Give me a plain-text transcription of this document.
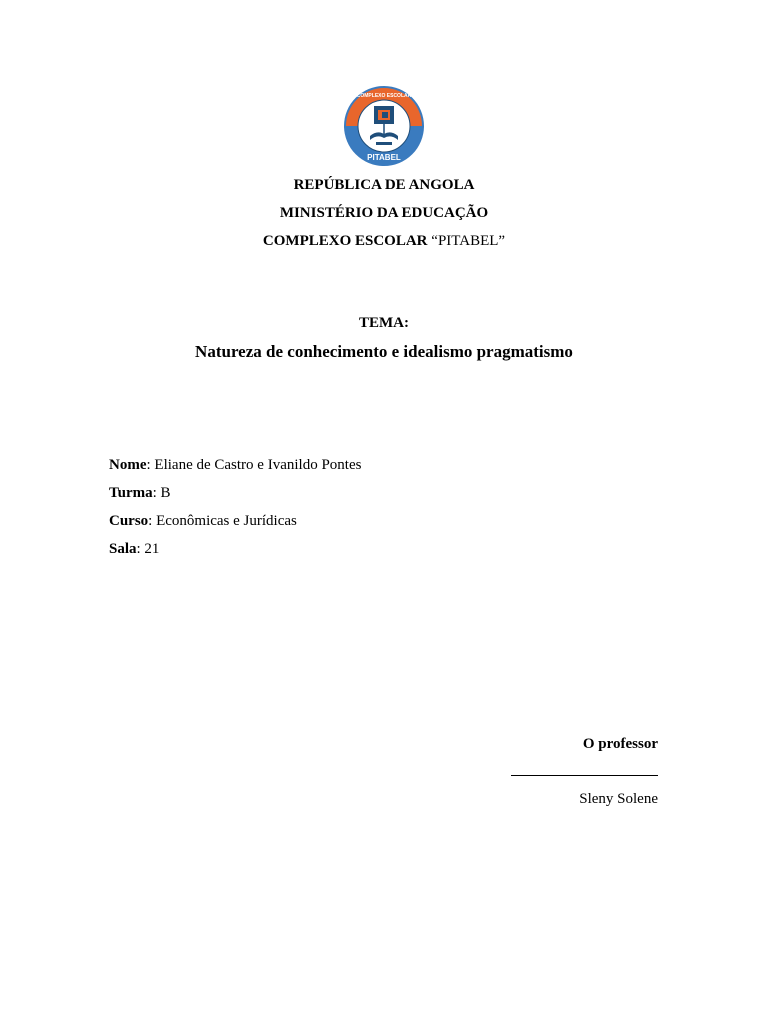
PITABEL
COMPLEXO ESCOLAR
REPÚBLICA DE ANGOLA
MINISTÉRIO DA EDUCAÇÃO
COMPLEXO ESCOLAR “PITABEL”
TEMA:
Natureza de conhecimento e idealismo pragmatismo
Nome: Eliane de Castro e Ivanildo Pontes
Turma: B
Curso: Econômicas e Jurídicas
Sala: 21
O professor
Sleny Solene
